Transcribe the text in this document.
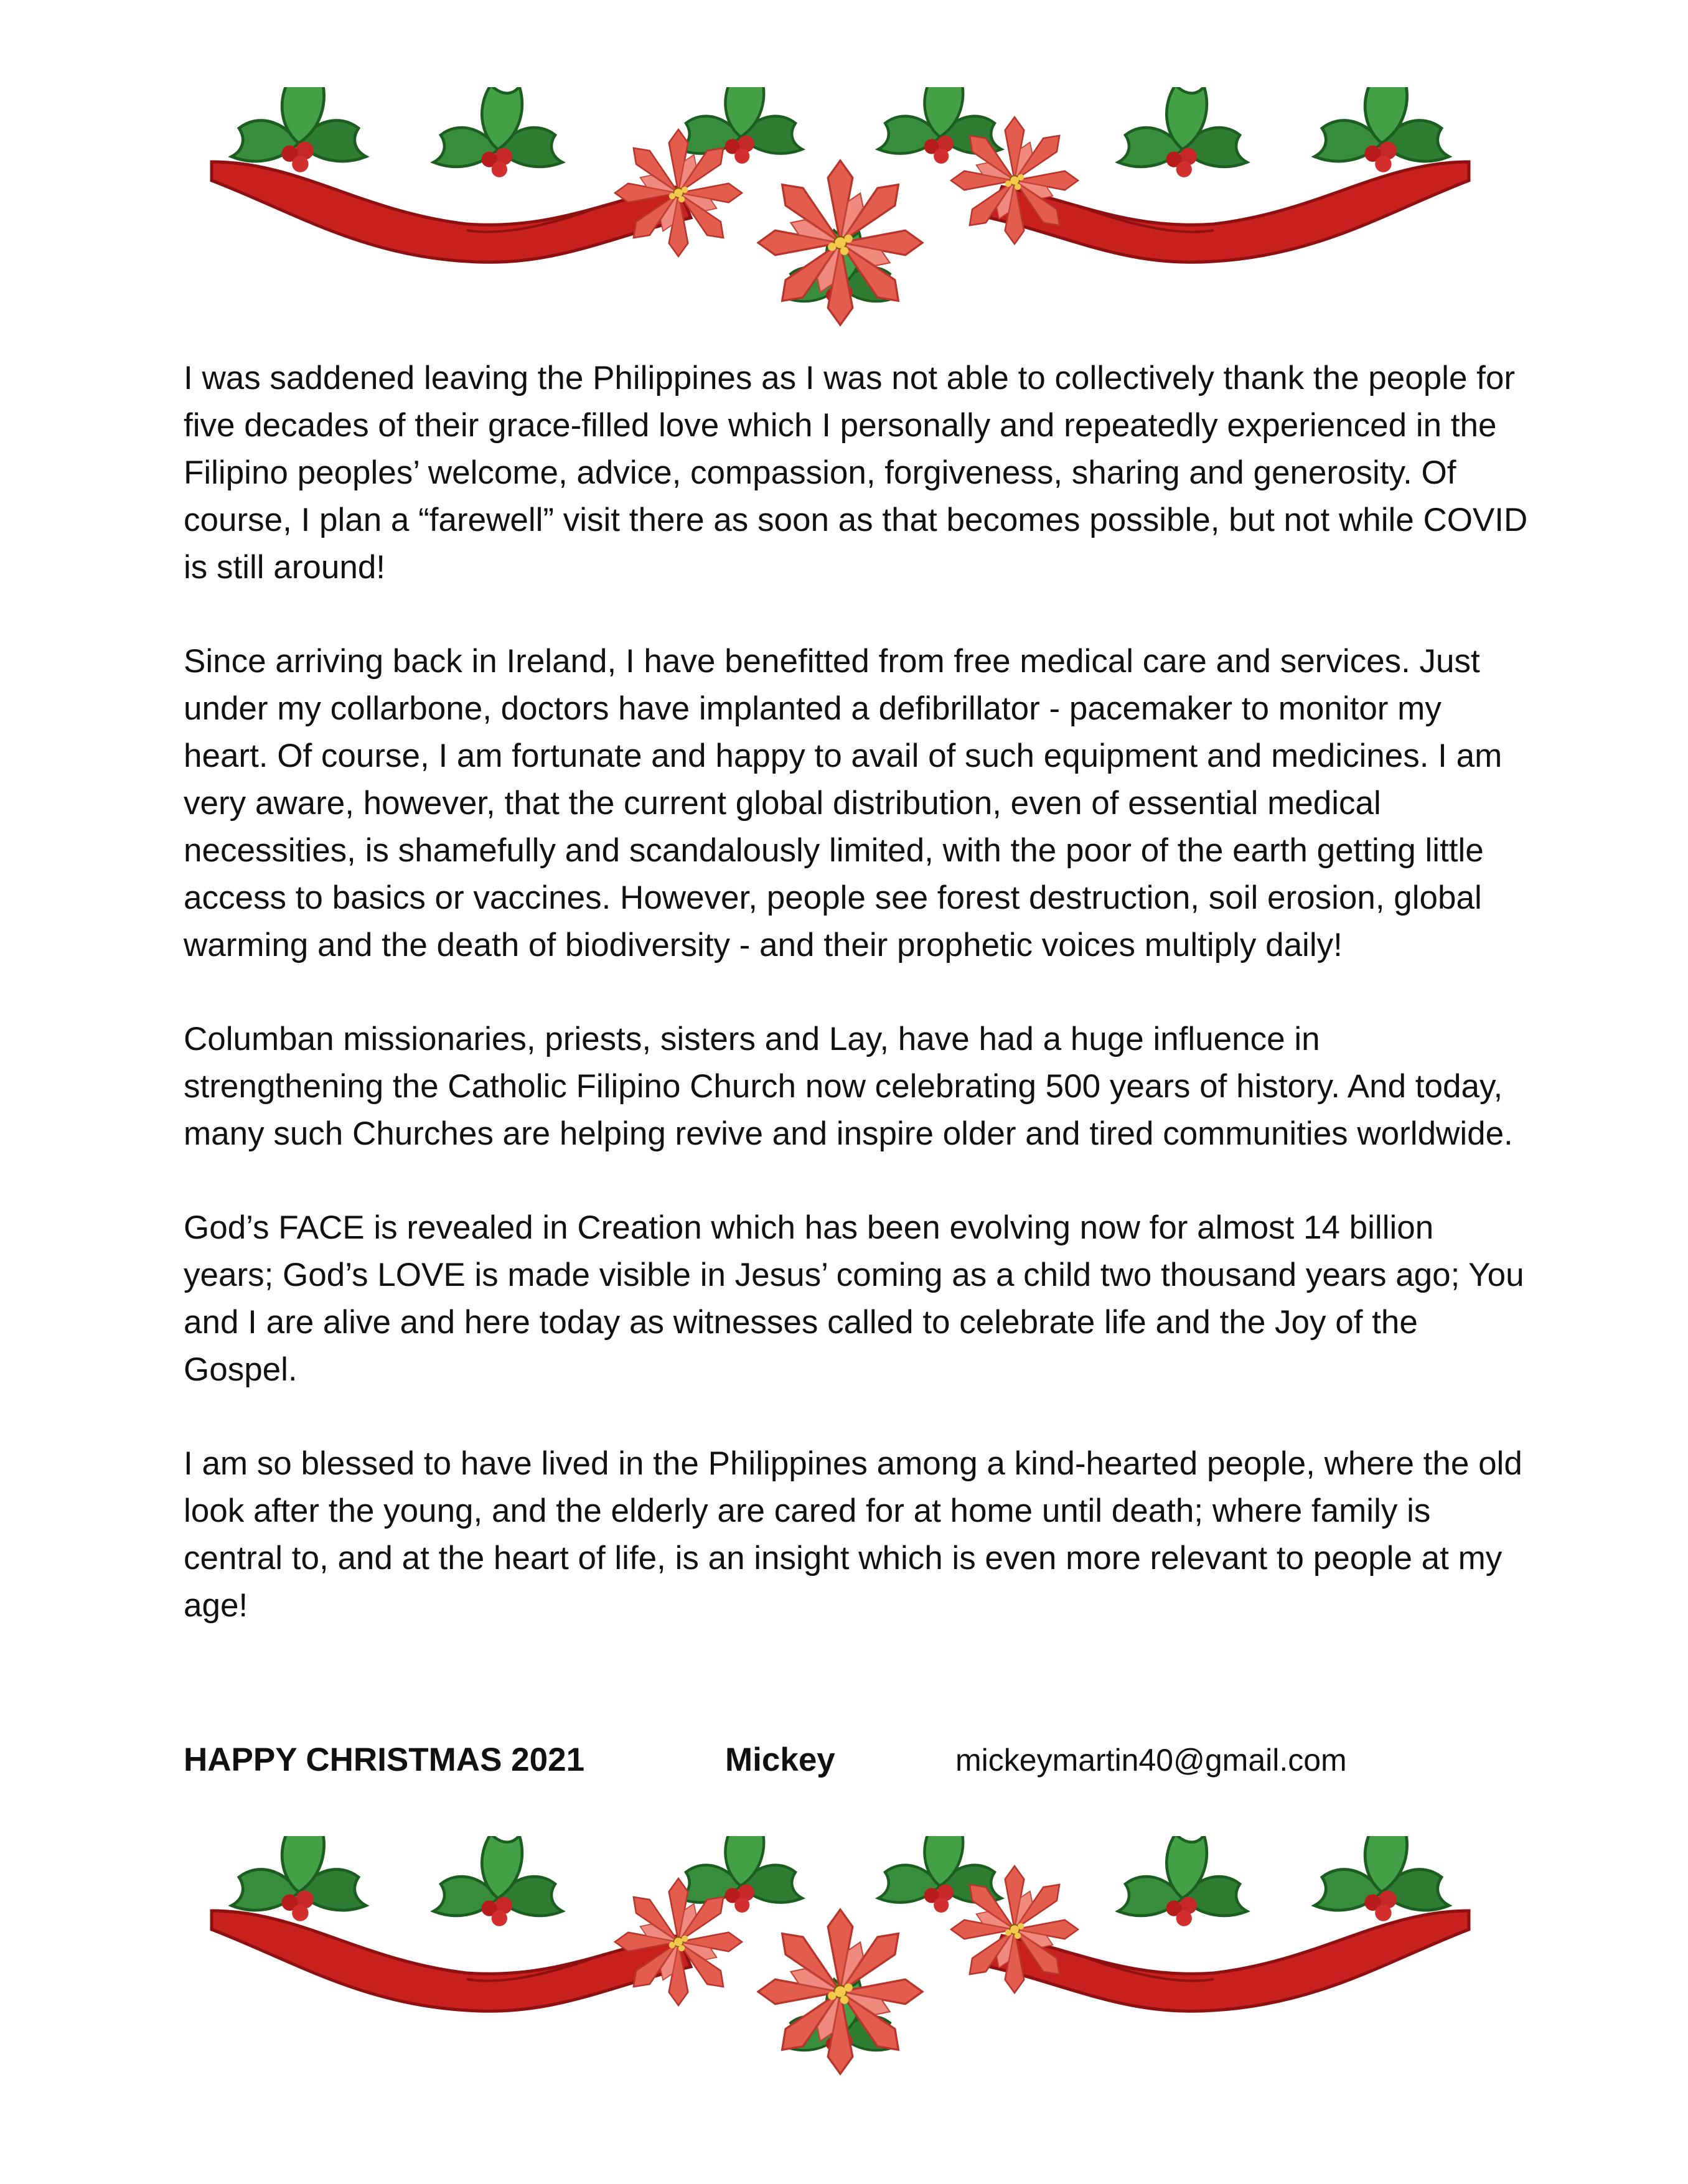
I was saddened leaving the Philippines as I was not able to collectively thank the people for five decades of their grace-filled love which I personally and repeatedly experienced in the Filipino peoples’ welcome, advice, compassion, forgiveness, sharing and generosity. Of course, I plan a “farewell” visit there as soon as that becomes possible, but not while COVID is still around!

Since arriving back in Ireland, I have benefitted from free medical care and services. Just under my collarbone, doctors have implanted a defibrillator - pacemaker to monitor my heart. Of course, I am fortunate and happy to avail of such equipment and medicines. I am very aware, however, that the current global distribution, even of essential medical necessities, is shamefully and scandalously limited, with the poor of the earth getting little access to basics or vaccines. However, people see forest destruction, soil erosion, global warming and the death of biodiversity - and their prophetic voices multiply daily!

Columban missionaries, priests, sisters and Lay, have had a huge influence in strengthening the Catholic Filipino Church now celebrating 500 years of history. And today, many such Churches are helping revive and inspire older and tired communities worldwide.

God’s FACE is revealed in Creation which has been evolving now for almost 14 billion years; God’s LOVE is made visible in Jesus’ coming as a child two thousand years ago; You and I are alive and here today as witnesses called to celebrate life and the Joy of the Gospel.

I am so blessed to have lived in the Philippines among a kind-hearted people, where the old look after the young, and the elderly are cared for at home until death; where family is central to, and at the heart of life, is an insight which is even more relevant to people at my age!

HAPPY CHRISTMAS 2021	Mickey	mickeymartin40@gmail.com
